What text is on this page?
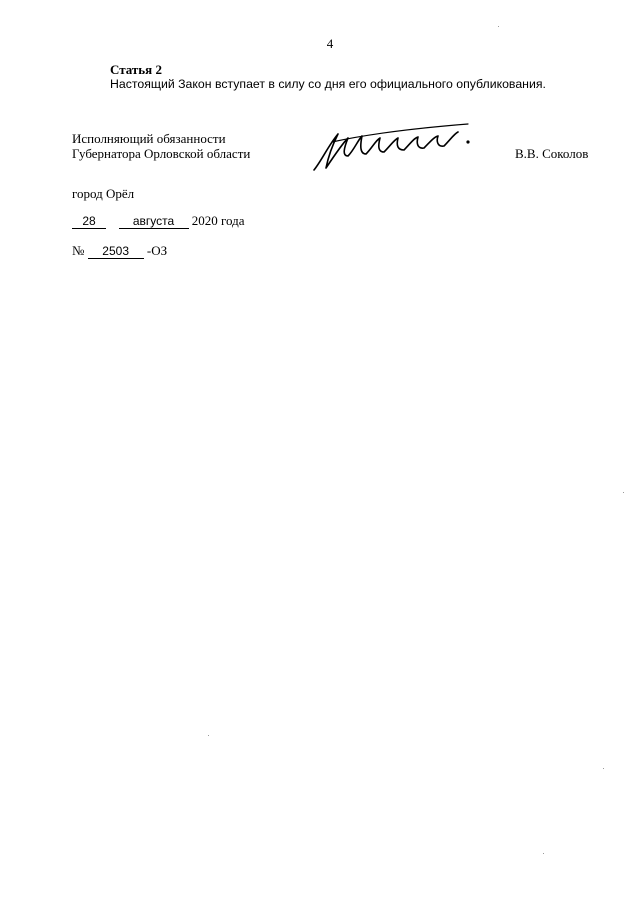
4
Статья 2
Настоящий Закон вступает в силу со дня его официального опубликования.
Исполняющий обязанности
Губернатора Орловской области	В.В. Соколов
город Орёл
28	августа 2020 года
№ 2503 -ОЗ
